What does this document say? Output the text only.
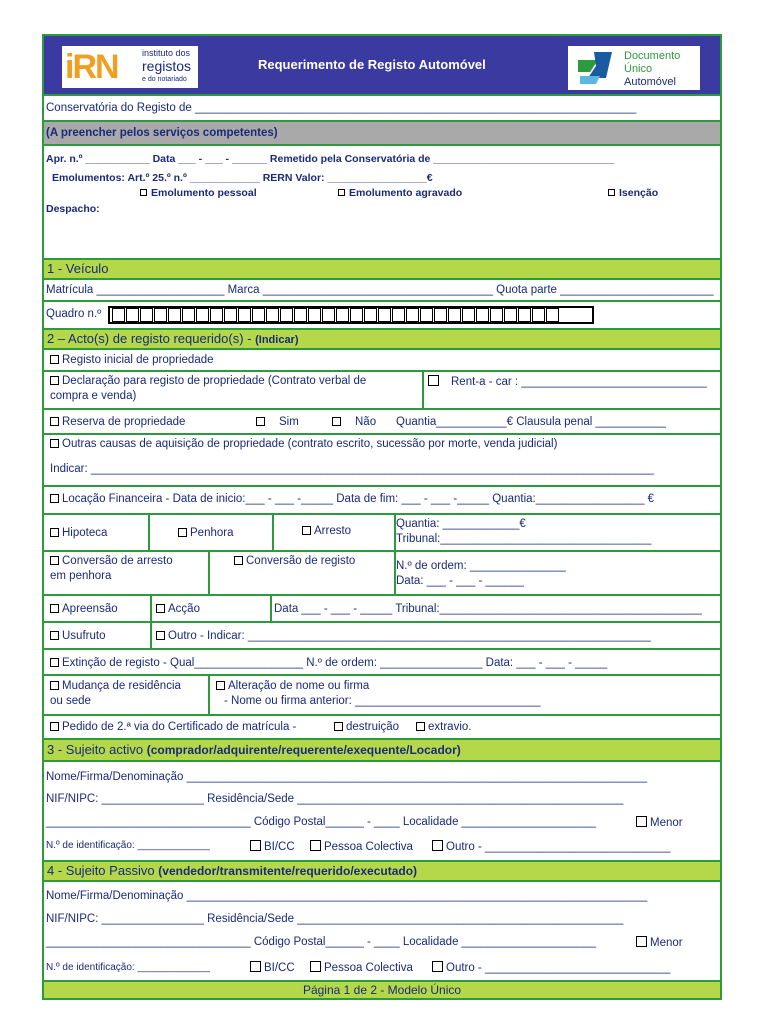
iRN	instituto dos
registos
e do notariado
Requerimento de Registo Automóvel
Documento
Único
Automóvel
Conservatória do Registo de _____________________________________________________________________
(A preencher pelos serviços competentes)
Apr. n.º ___________ Data ___ - ___ - ______ Remetido pela Conservatória de _______________________________
Emolumentos: Art.º 25.º n.º ____________ RERN Valor: _________________€
Emolumento pessoal	Emolumento agravado	Isenção
Despacho:
1 - Veículo
Matrícula ____________________ Marca ____________________________________ Quota parte ________________________
Quadro n.º
2 – Acto(s) de registo requerido(s) - (Indicar)
Registo inicial de propriedade
Declaração para registo de propriedade (Contrato verbal de
compra e venda)
Rent-a - car : _____________________________
Reserva de propriedade	Sim	Não Quantia___________€ Clausula penal ___________
Outras causas de aquisição de propriedade (contrato escrito, sucessão por morte, venda judicial)
Indicar: ________________________________________________________________________________________
Locação Financeira - Data de inicio:___ - ___ -_____ Data de fim: ___ - ___ -_____ Quantia:_________________ €
Hipoteca	Penhora	Arresto
Quantia: ____________€
Tribunal:_________________________________
Conversão de arresto
em penhora
Conversão de registo	N.º de ordem: _______________
Data: ___ - ___ - ______
Apreensão	Acção	Data ___ - ___ - _____ Tribunal:_________________________________________
Usufruto	Outro - Indicar: _______________________________________________________________
Extinção de registo - Qual_________________ N.º de ordem: ________________ Data: ___ - ___ - _____
Mudança de residência
ou sede
Alteração de nome ou firma
- Nome ou firma anterior: _____________________________
Pedido de 2.ª via do Certificado de matrícula -	destruição	extravio.
3 - Sujeito activo (comprador/adquirente/requerente/exequente/Locador)
Nome/Firma/Denominação ________________________________________________________________________
NIF/NIPC: ________________ Residência/Sede ___________________________________________________
________________________________ Código Postal______ - ____ Localidade _____________________	Menor
N.º de identificação: _____________	BI/CC	Pessoa Colectiva	Outro - _____________________________
4 - Sujeito Passivo (vendedor/transmitente/requerido/executado)
Nome/Firma/Denominação ________________________________________________________________________
NIF/NIPC: ________________ Residência/Sede ___________________________________________________
________________________________ Código Postal______ - ____ Localidade _____________________	Menor
N.º de identificação: _____________	BI/CC	Pessoa Colectiva	Outro - _____________________________
Página 1 de 2 - Modelo Único
